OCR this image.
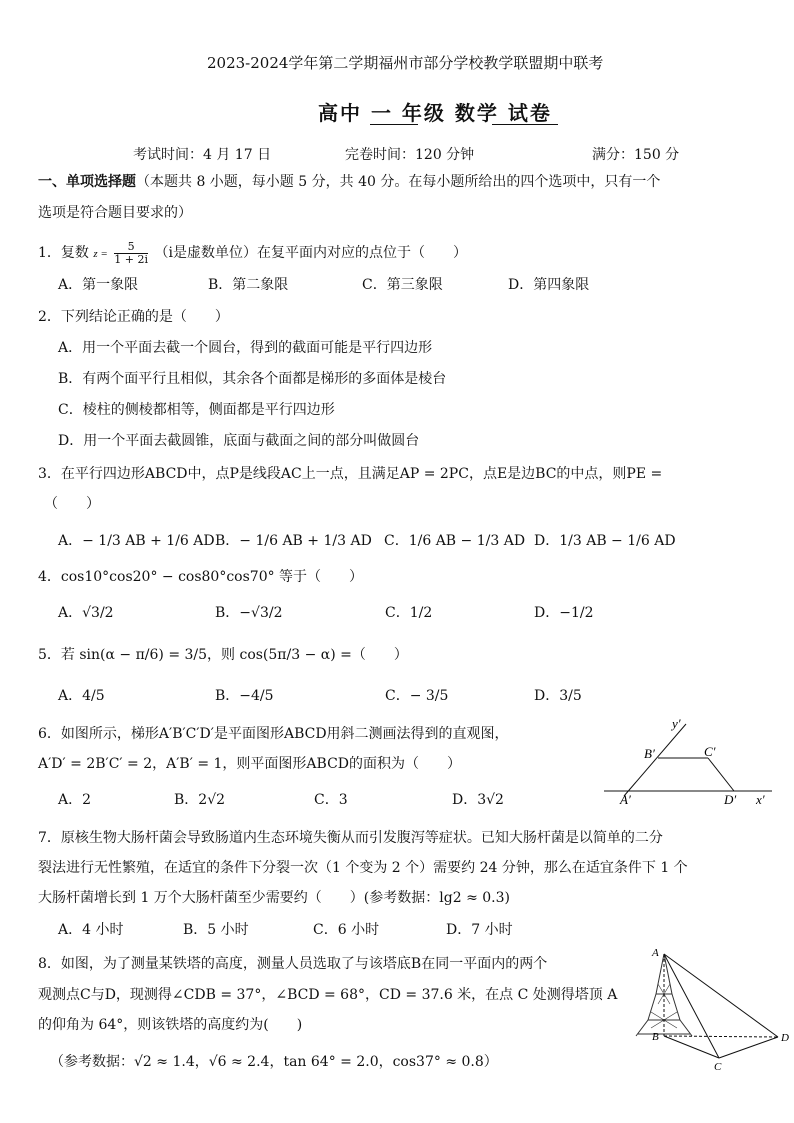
2023-2024学年第二学期福州市部分学校教学联盟期中联考
高中 一 年级 数学 试卷
考试时间：4 月 17 日	完卷时间：120 分钟	满分：150 分
一、单项选择题（本题共 8 小题，每小题 5 分，共 40 分。在每小题所给出的四个选项中，只有一个
选项是符合题目要求的）
1．复数 $z = \frac{5}{1 + 2i} (i$是虚数单位）在复平面内对应的点位于（　　）
A．第一象限	B．第二象限	C．第三象限	D．第四象限
2．下列结论正确的是（　　）
A．用一个平面去截一个圆台，得到的截面可能是平行四边形
B．有两个面平行且相似，其余各个面都是梯形的多面体是棱台
C．棱柱的侧棱都相等，侧面都是平行四边形
D．用一个平面去截圆锥，底面与截面之间的部分叫做圆台
3．在平行四边形ABCD中，点P是线段AC上一点，且满足AP = 2PC，点E是边BC的中点，则PE =
（　　）
A．− 1/3 AB + 1/6 AD B．− 1/6 AB + 1/3 AD C．1/6 AB − 1/3 AD D．1/3 AB − 1/6 AD
4．cos10°cos20° − cos80°cos70° 等于（　　）
A．√3/2	B．−√3/2	C．1/2	D．−1/2
5．若 sin(α − π/6) = 3/5，则 cos(5π/3 − α) =（　　）
A．4/5	B．−4/5	C．− 3/5	D．3/5
6．如图所示，梯形A′B′C′D′是平面图形ABCD用斜二测画法得到的直观图，
A′D′ = 2B′C′ = 2，A′B′ = 1，则平面图形ABCD的面积为（　　）
A．2	B．2√2	C．3	D．3√2
y′
x′
B′	C′
A′	D′
7．原核生物大肠杆菌会导致肠道内生态环境失衡从而引发腹泻等症状。已知大肠杆菌是以简单的二分
裂法进行无性繁殖，在适宜的条件下分裂一次（1 个变为 2 个）需要约 24 分钟，那么在适宜条件下 1 个
大肠杆菌增长到 1 万个大肠杆菌至少需要约（　　）(参考数据：lg2 ≈ 0.3)
A．4 小时	B．5 小时	C．6 小时	D．7 小时
8．如图，为了测量某铁塔的高度，测量人员选取了与该塔底B在同一平面内的两个
观测点C与D，现测得∠CDB = 37°，∠BCD = 68°，CD = 37.6 米，在点 C 处测得塔顶 A
的仰角为 64°，则该铁塔的高度约为(　　)
（参考数据：√2 ≈ 1.4，√6 ≈ 2.4，tan 64° = 2.0，cos37° ≈ 0.8）
A
B
C
D
